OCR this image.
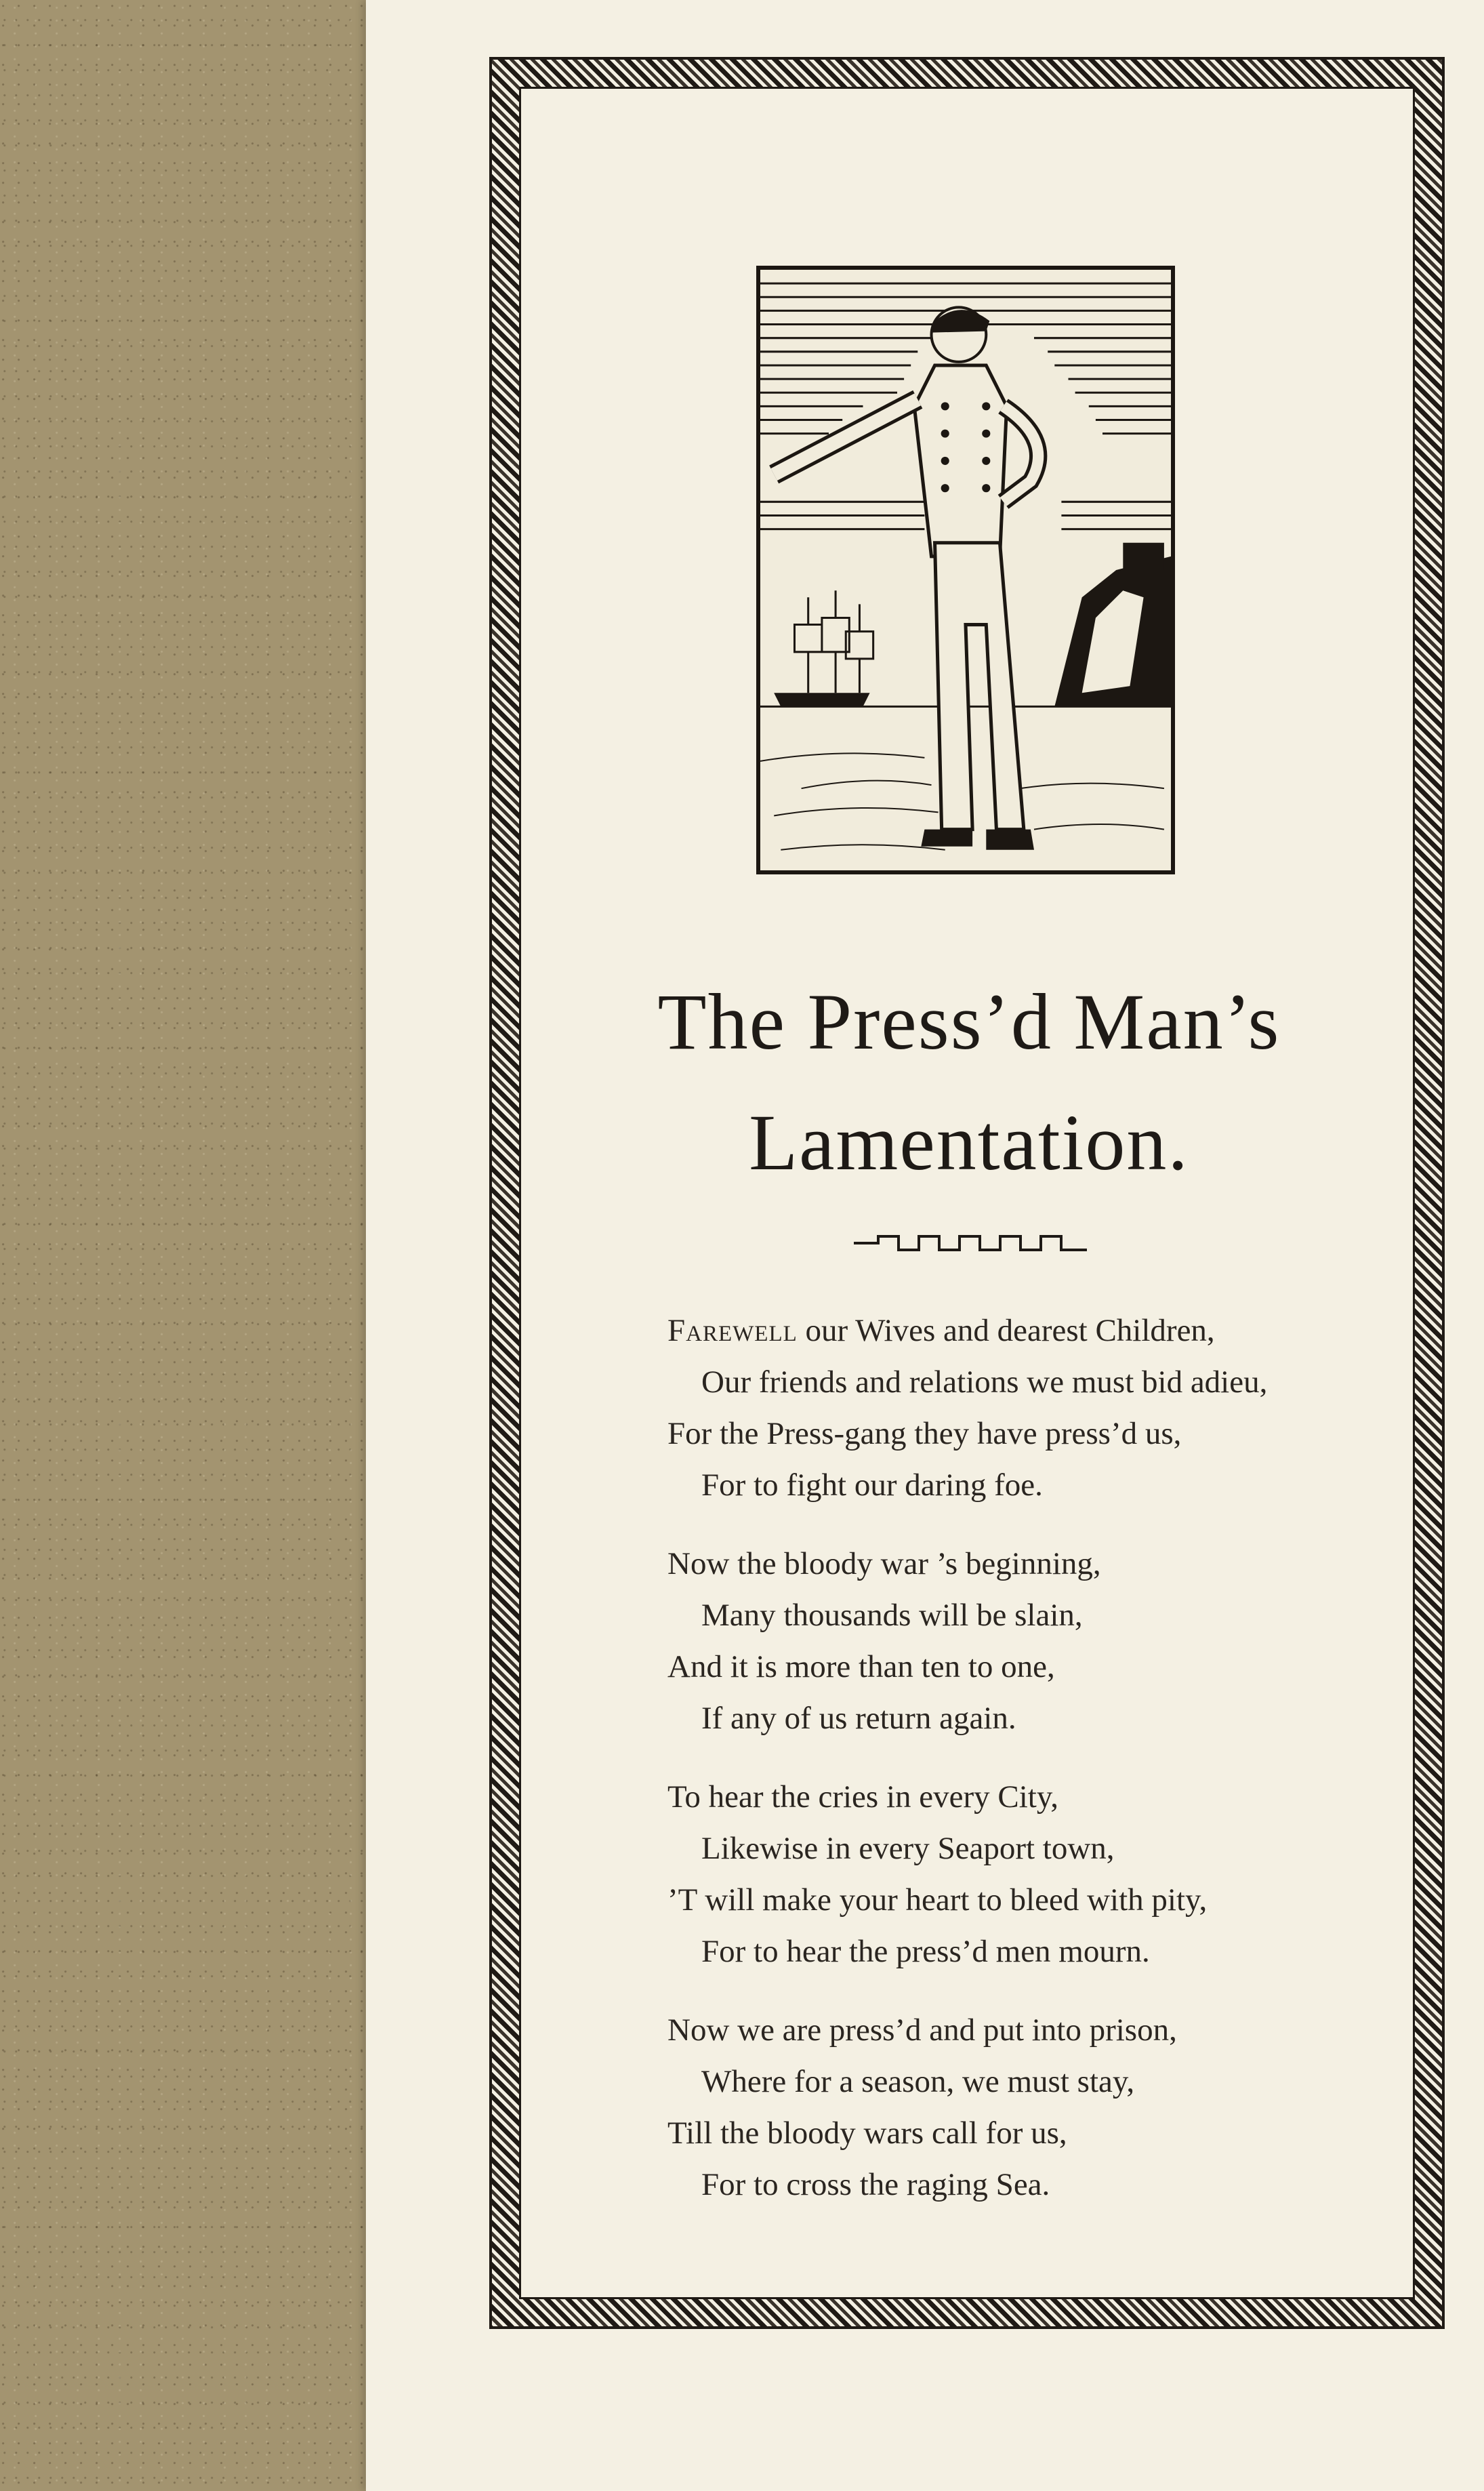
The Press’d Man’s
Lamentation.
Farewell our Wives and dearest Children,
Our friends and relations we must bid adieu,
For the Press-gang they have press’d us,
For to fight our daring foe.
Now the bloody war ’s beginning,
Many thousands will be slain,
And it is more than ten to one,
If any of us return again.
To hear the cries in every City,
Likewise in every Seaport town,
’T will make your heart to bleed with pity,
For to hear the press’d men mourn.
Now we are press’d and put into prison,
Where for a season, we must stay,
Till the bloody wars call for us,
For to cross the raging Sea.
